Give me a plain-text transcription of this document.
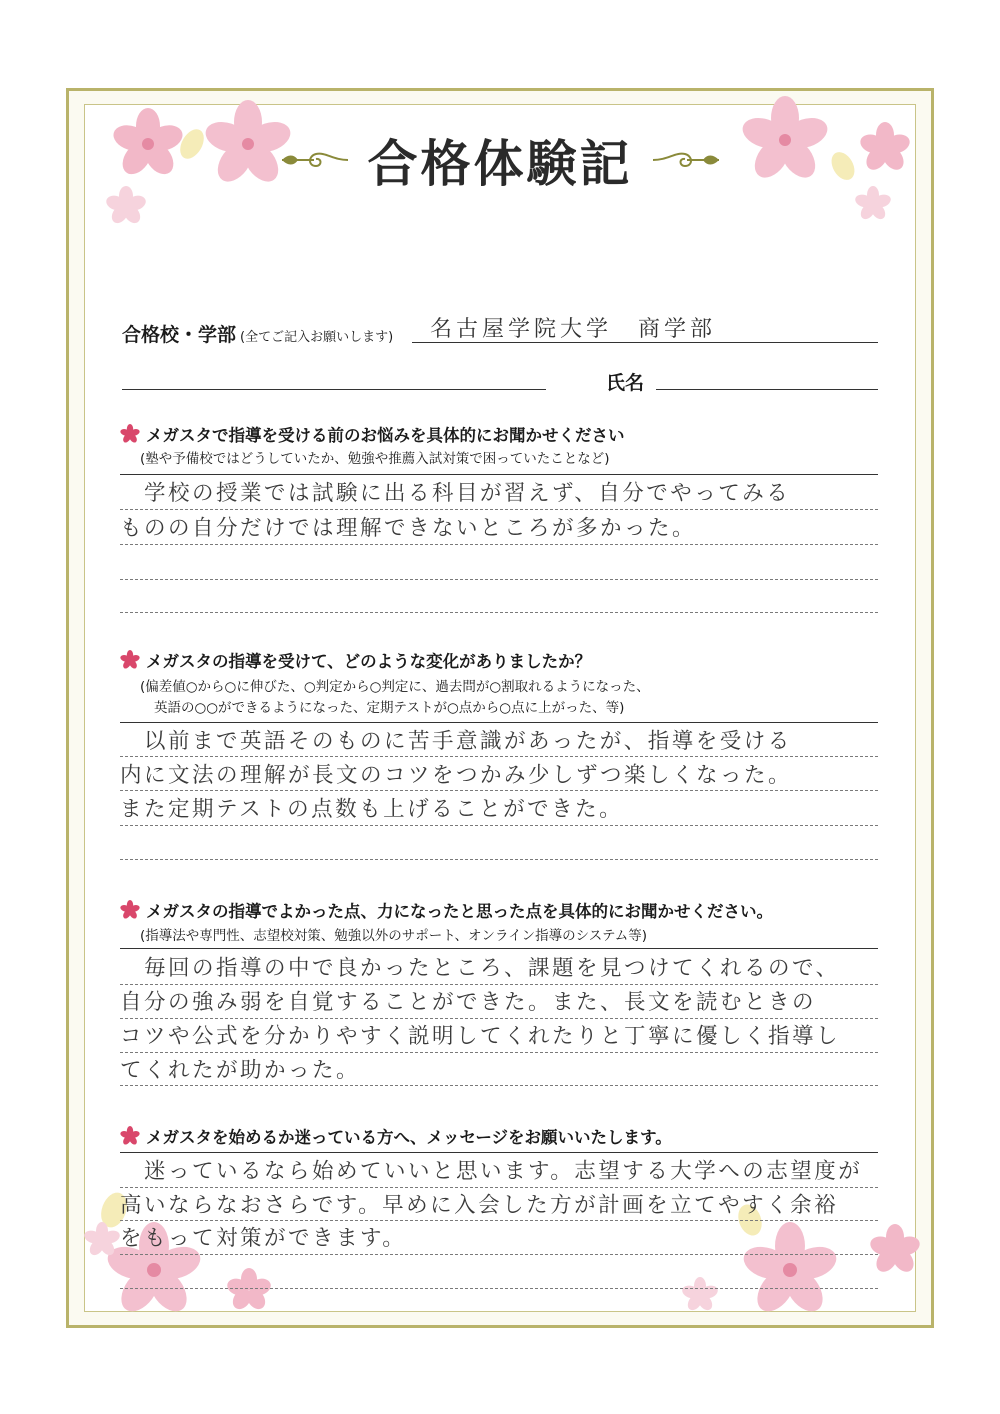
合格体験記
合格校・学部 (全てご記入お願いします) 名古屋学院大学　商学部
氏名
メガスタで指導を受ける前のお悩みを具体的にお聞かせください
(塾や予備校ではどうしていたか、勉強や推薦入試対策で困っていたことなど)
　学校の授業では試験に出る科目が習えず、自分でやってみる
ものの自分だけでは理解できないところが多かった。
メガスタの指導を受けて、どのような変化がありましたか？
(偏差値○から○に伸びた、○判定から○判定に、過去問が○割取れるようになった、
英語の○○ができるようになった、定期テストが○点から○点に上がった、等)
　以前まで英語そのものに苦手意識があったが、指導を受ける
内に文法の理解が長文のコツをつかみ少しずつ楽しくなった。
また定期テストの点数も上げることができた。
メガスタの指導でよかった点、力になったと思った点を具体的にお聞かせください。
(指導法や専門性、志望校対策、勉強以外のサポート、オンライン指導のシステム等)
　毎回の指導の中で良かったところ、課題を見つけてくれるので、
自分の強み弱を自覚することができた。また、長文を読むときの
コツや公式を分かりやすく説明してくれたりと丁寧に優しく指導し
てくれたが助かった。
メガスタを始めるか迷っている方へ、メッセージをお願いいたします。
　迷っているなら始めていいと思います。志望する大学への志望度が
高いならなおさらです。早めに入会した方が計画を立てやすく余裕
をもって対策ができます。
